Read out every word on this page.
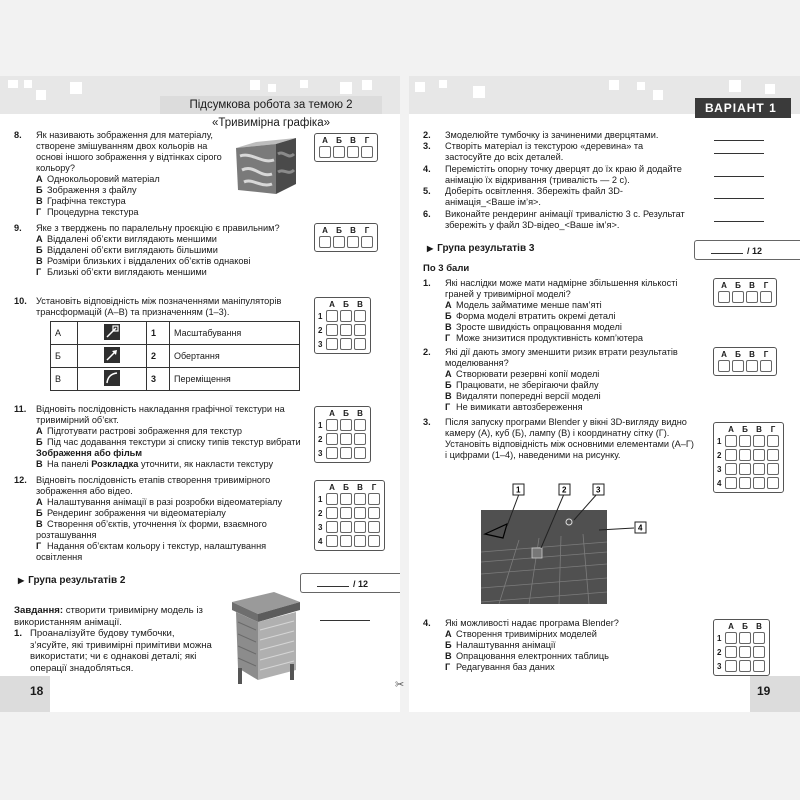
Підсумкова робота за темою 2 «Тривимірна графіка»
8. Як називають зображення для матеріалу, створене змішуванням двох кольорів на основі іншого зображення у відтінках сірого кольору?
А Однокольоровий матеріал
Б Зображення з файлу
В Графічна текстура
Г Процедурна текстура
А	Б	В	Г
9. Яке з тверджень по паралельну проєкцію є правильним?
А Віддалені об’єкти виглядають меншими
Б Віддалені об’єкти виглядають більшими
В Розміри близьких і віддалених об’єктів однакові
Г Близькі об’єкти виглядають меншими
А	Б	В	Г
10. Установіть відповідність між позначеннями маніпуляторів трансформацій (А–В) та призначенням (1–3).
А		1	Масштабування
Б		2	Обертання
В		3	Переміщення
А	Б	В
1
2
3
11. Відновіть послідовність накладання графічної текстури на тривимірний об’єкт.
А Підготувати растрові зображення для текстур
Б Під час додавання текстури зі списку типів текстур вибрати Зображення або фільм
В На панелі Розкладка уточнити, як накласти текстуру
А	Б	В
1
2
3
12. Відновіть послідовність етапів створення тривимірного зображення або відео.
А Налаштування анімації в разі розробки відеоматеріалу
Б Рендеринг зображення чи відеоматеріалу
В Створення об’єктів, уточнення їх форми, взаємного розташування
Г Надання об’єктам кольору і текстур, налаштування освітлення
А	Б	В	Г
1
2
3
4
▶ Група результатів 2	/ 12
Завдання: створити тривимірну модель із використанням анімації.
1. Проаналізуйте будову тумбочки, з’ясуйте, які тривимірні примітиви можна використати; чи є однакові деталі; які операції знадобляться.
18	✂
ВАРІАНТ 1
2. Змоделюйте тумбочку із зачиненими дверцятами.
3. Створіть матеріал із текстурою «деревина» та застосуйте до всіх деталей.
4. Перемістіть опорну точку дверцят до їх краю й додайте анімацію їх відкривання (тривалість — 2 с).
5. Доберіть освітлення. Збережіть файл 3D-анімація_<Ваше ім’я>.
6. Виконайте рендеринг анімації тривалістю 3 с. Результат збережіть у файл 3D-відео_<Ваше ім’я>.
▶ Група результатів 3	/ 12
По 3 бали
1. Які наслідки може мати надмірне збільшення кількості граней у тривимірної моделі?
А Модель займатиме менше пам’яті
Б Форма моделі втратить окремі деталі
В Зросте швидкість опрацювання моделі
Г Може знизитися продуктивність комп’ютера
А	Б	В	Г
2. Які дії дають змогу зменшити ризик втрати результатів моделювання?
А Створювати резервні копії моделі
Б Працювати, не зберігаючи файлу
В Видаляти попередні версії моделі
Г Не вимикати автозбереження
А	Б	В	Г
3. Після запуску програми Blender у вікні 3D-вигляду видно камеру (А), куб (Б), лампу (В) і координатну сітку (Г).
Установіть відповідність між основними елементами (А–Г) і цифрами (1–4), наведеними на рисунку.
А	Б	В	Г
1
2
3
4
1	2	3
4
4. Які можливості надає програма Blender?
А Створення тривимірних моделей
Б Налаштування анімації
В Опрацювання електронних таблиць
Г Редагування баз даних
А	Б	В
1
2
3
19
